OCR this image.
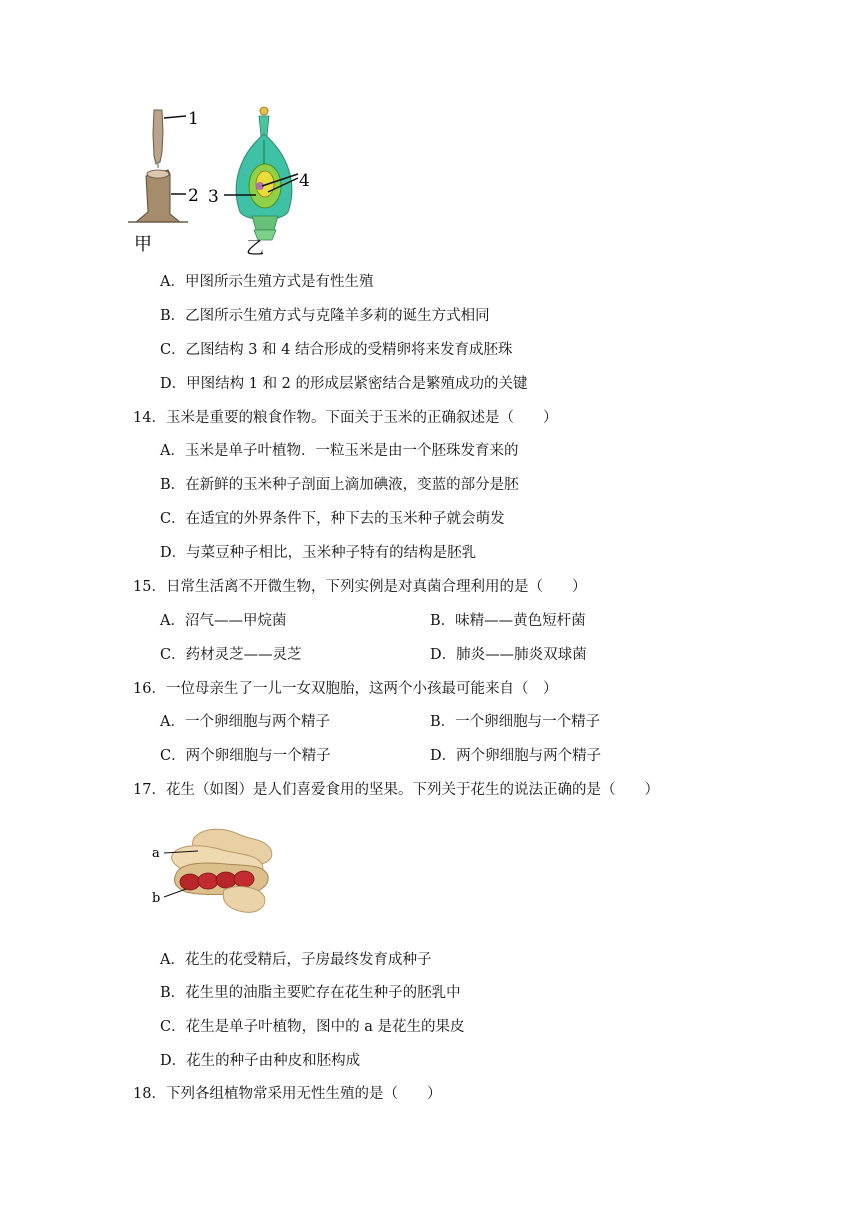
1
2
甲
3
4
乙
A．甲图所示生殖方式是有性生殖
B．乙图所示生殖方式与克隆羊多莉的诞生方式相同
C．乙图结构 3 和 4 结合形成的受精卵将来发育成胚珠
D．甲图结构 1 和 2 的形成层紧密结合是繁殖成功的关键
14．玉米是重要的粮食作物。下面关于玉米的正确叙述是（　　）
A．玉米是单子叶植物．一粒玉米是由一个胚珠发育来的
B．在新鲜的玉米种子剖面上滴加碘液，变蓝的部分是胚
C．在适宜的外界条件下，种下去的玉米种子就会萌发
D．与菜豆种子相比，玉米种子特有的结构是胚乳
15．日常生活离不开微生物，下列实例是对真菌合理利用的是（　　）
A．沼气——甲烷菌	B．味精——黄色短杆菌
C．药材灵芝——灵芝	D．肺炎——肺炎双球菌
16．一位母亲生了一儿一女双胞胎，这两个小孩最可能来自（　）
A．一个卵细胞与两个精子	B．一个卵细胞与一个精子
C．两个卵细胞与一个精子	D．两个卵细胞与两个精子
17．花生（如图）是人们喜爱食用的坚果。下列关于花生的说法正确的是（　　）
a
b
A．花生的花受精后，子房最终发育成种子
B．花生里的油脂主要贮存在花生种子的胚乳中
C．花生是单子叶植物，图中的 a 是花生的果皮
D．花生的种子由种皮和胚构成
18．下列各组植物常采用无性生殖的是（　　）
